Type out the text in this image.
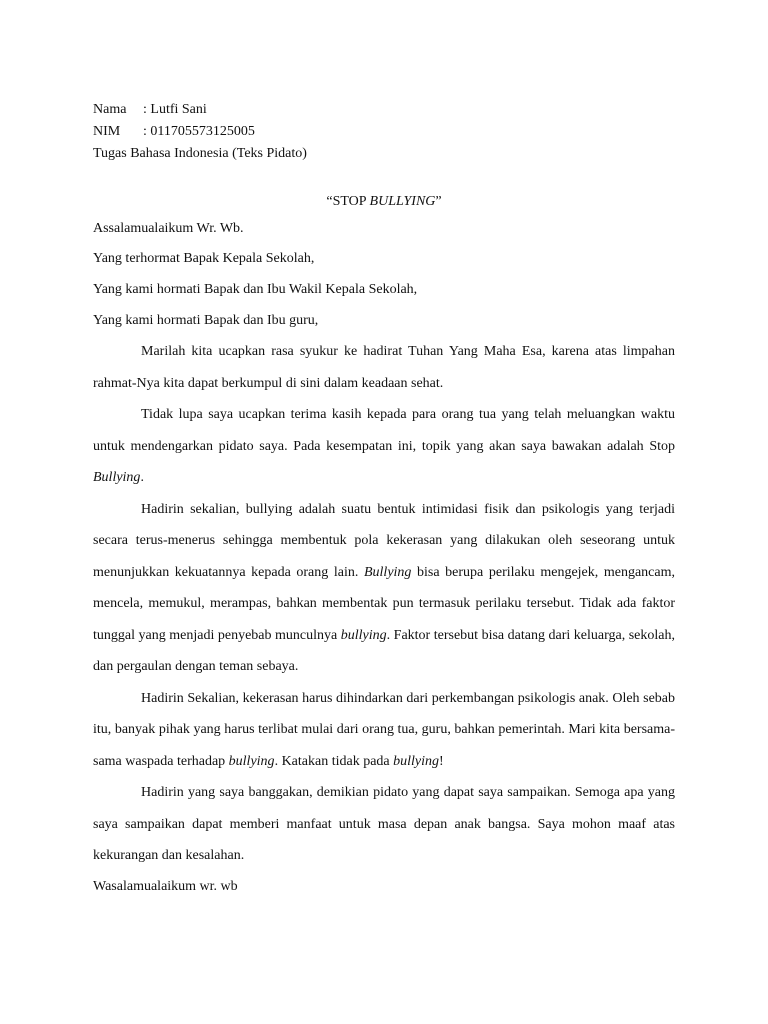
Nama : Lutfi Sani
NIM : 011705573125005
Tugas Bahasa Indonesia (Teks Pidato)
“STOP BULLYING”
Assalamualaikum Wr. Wb.
Yang terhormat Bapak Kepala Sekolah,
Yang kami hormati Bapak dan Ibu Wakil Kepala Sekolah,
Yang kami hormati Bapak dan Ibu guru,
Marilah kita ucapkan rasa syukur ke hadirat Tuhan Yang Maha Esa, karena atas limpahan rahmat-Nya kita dapat berkumpul di sini dalam keadaan sehat.
Tidak lupa saya ucapkan terima kasih kepada para orang tua yang telah meluangkan waktu untuk mendengarkan pidato saya. Pada kesempatan ini, topik yang akan saya bawakan adalah Stop Bullying.
Hadirin sekalian, bullying adalah suatu bentuk intimidasi fisik dan psikologis yang terjadi secara terus-menerus sehingga membentuk pola kekerasan yang dilakukan oleh seseorang untuk menunjukkan kekuatannya kepada orang lain. Bullying bisa berupa perilaku mengejek, mengancam, mencela, memukul, merampas, bahkan membentak pun termasuk perilaku tersebut. Tidak ada faktor tunggal yang menjadi penyebab munculnya bullying. Faktor tersebut bisa datang dari keluarga, sekolah, dan pergaulan dengan teman sebaya.
Hadirin Sekalian, kekerasan harus dihindarkan dari perkembangan psikologis anak. Oleh sebab itu, banyak pihak yang harus terlibat mulai dari orang tua, guru, bahkan pemerintah. Mari kita bersama-sama waspada terhadap bullying. Katakan tidak pada bullying!
Hadirin yang saya banggakan, demikian pidato yang dapat saya sampaikan. Semoga apa yang saya sampaikan dapat memberi manfaat untuk masa depan anak bangsa. Saya mohon maaf atas kekurangan dan kesalahan.
Wasalamualaikum wr. wb
